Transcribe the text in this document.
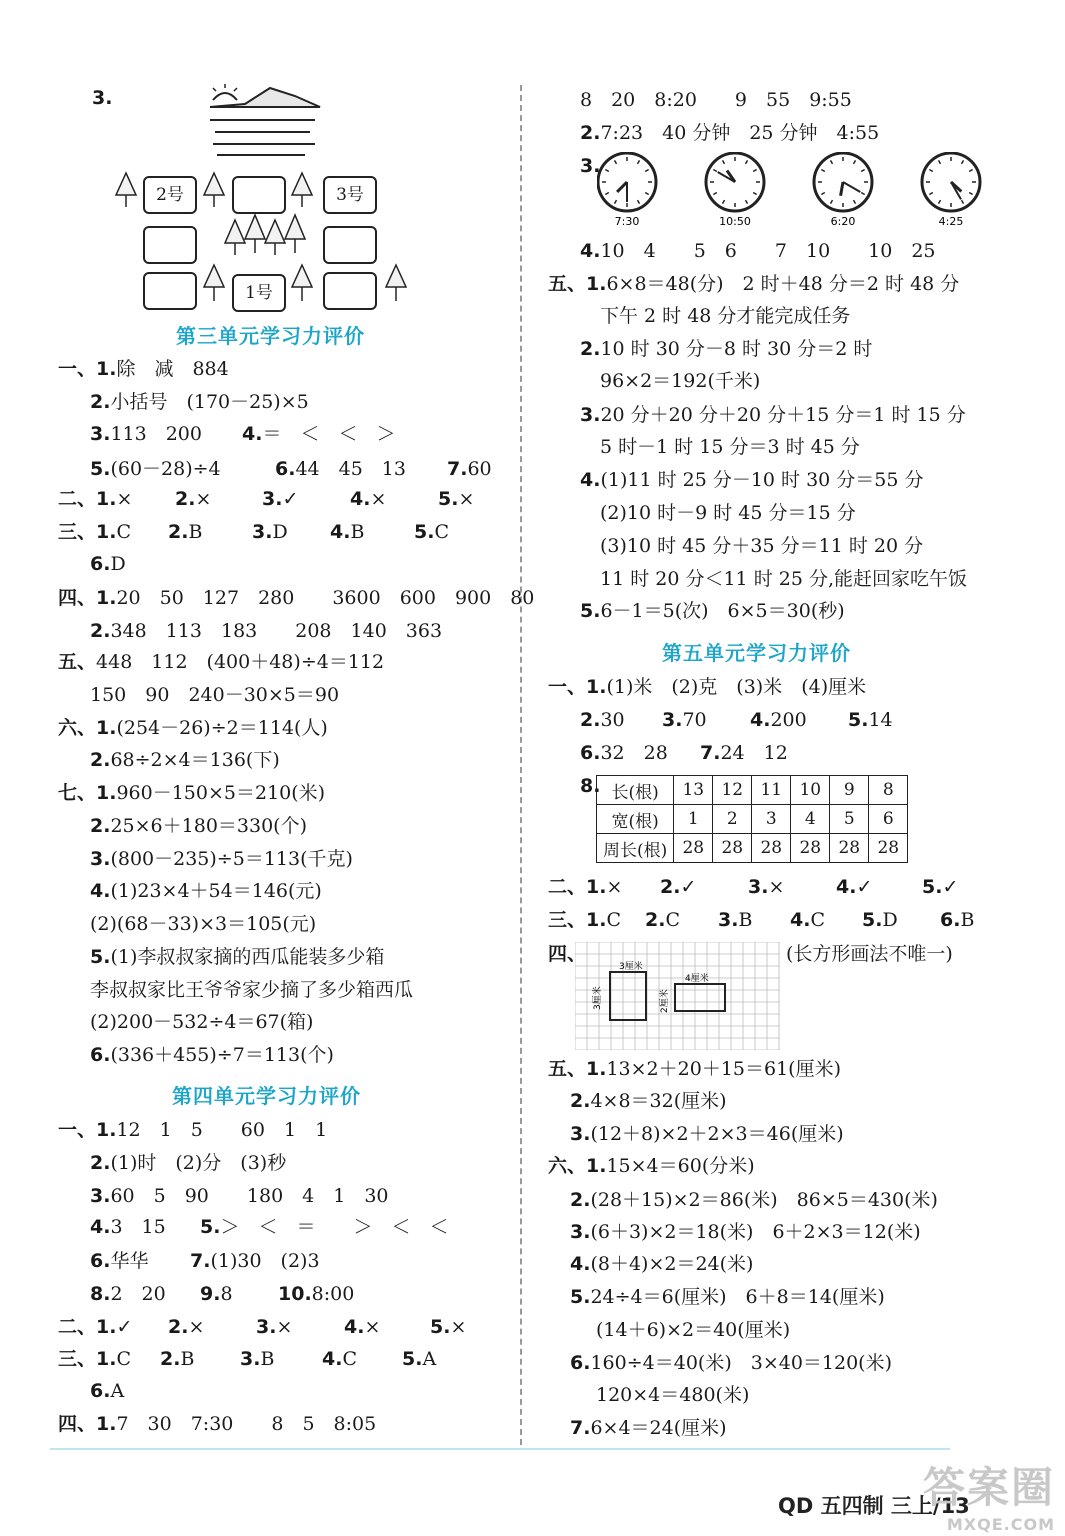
3.
2号	3号
1号
第三单元学习力评价
一、1.除　减　884
2.小括号　(170－25)×5
3.113　200 4.＝　＜　＜　＞
5.(60－28)÷4	6.44　45　13 7.60
二、1.× 2.×	3.✓	4.×	5.×
三、1.C 2.B	3.D 4.B	5.C
6.D
四、1.20　50　127　280　　3600　600　900　80
2.348　113　183　　208　140　363
五、448　112　(400＋48)÷4＝112
150　90　240－30×5＝90
六、1.(254－26)÷2＝114(人)
2.68÷2×4＝136(下)
七、1.960－150×5＝210(米)
2.25×6＋180＝330(个)
3.(800－235)÷5＝113(千克)
4.(1)23×4＋54＝146(元)
(2)(68－33)×3＝105(元)
5.(1)李叔叔家摘的西瓜能装多少箱
李叔叔家比王爷爷家少摘了多少箱西瓜
(2)200－532÷4＝67(箱)
6.(336＋455)÷7＝113(个)
第四单元学习力评价
一、1.12　1　5　　60　1　1
2.(1)时　(2)分　(3)秒
3.60　5　90　　180　4　1　30
4.3　15 5.＞　＜　＝　　＞　＜　＜
6.华华 7.(1)30　(2)3
8.2　20 9.8 10.8:00
二、1.✓ 2.×	3.×	4.×	5.×
三、1.C 2.B 3.B	4.C 5.A
6.A
四、1.7　30　7:30　　8　5　8:05
8　20　8:20　　9　55　9:55
2.7:23　40 分钟　25 分钟　4:55
3.
7:30	10:50	6:20	4:25
4.10　4　　5　6　　7　10　　10　25
五、1.6×8＝48(分)　2 时＋48 分＝2 时 48 分
下午 2 时 48 分才能完成任务
2.10 时 30 分－8 时 30 分＝2 时
96×2＝192(千米)
3.20 分＋20 分＋20 分＋15 分＝1 时 15 分
5 时－1 时 15 分＝3 时 45 分
4.(1)11 时 25 分－10 时 30 分＝55 分
(2)10 时－9 时 45 分＝15 分
(3)10 时 45 分＋35 分＝11 时 20 分
11 时 20 分＜11 时 25 分,能赶回家吃午饭
5.6－1＝5(次)　6×5＝30(秒)
第五单元学习力评价
一、1.(1)米　(2)克　(3)米　(4)厘米
2.30 3.70 4.200 5.14
6.32　28 7.24　12
8. 长(根)	13	12	11	10	9	8
宽(根)	1	2	3	4	5	6
周长(根)	28	28	28	28	28	28
二、1.× 2.✓	3.×	4.✓	5.✓
三、1.C 2.C 3.B 4.C 5.D 6.B
四、	(长方形画法不唯一)
3厘米
3厘米
4厘米
2厘米
五、1.13×2＋20＋15＝61(厘米)
2.4×8＝32(厘米)
3.(12＋8)×2＋2×3＝46(厘米)
六、1.15×4＝60(分米)
2.(28＋15)×2＝86(米)　86×5＝430(米)
3.(6＋3)×2＝18(米)　6＋2×3＝12(米)
4.(8＋4)×2＝24(米)
5.24÷4＝6(厘米)　6＋8＝14(厘米)
(14＋6)×2＝40(厘米)
6.160÷4＝40(米)　3×40＝120(米)
120×4＝480(米)
7.6×4＝24(厘米)
QD 五四制 三上/13
答案圈
MXQE.COM
